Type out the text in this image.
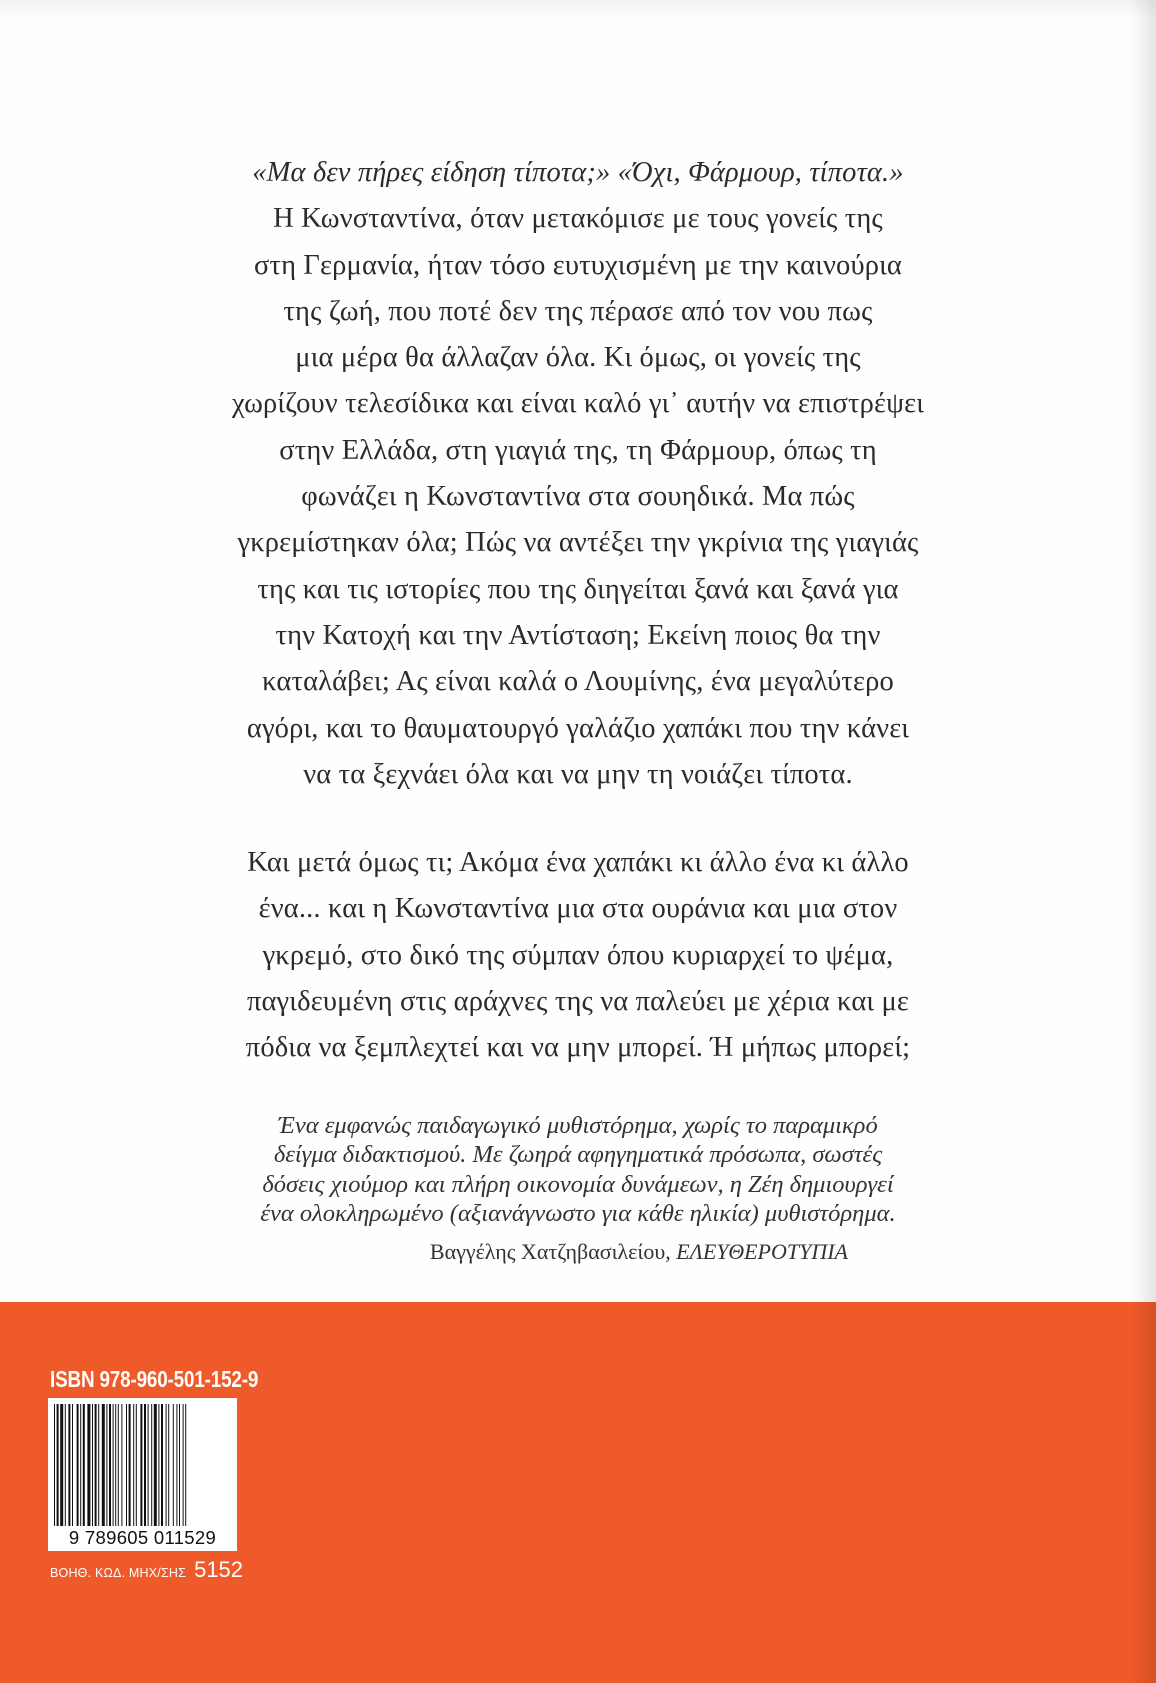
«Μα δεν πήρες είδηση τίποτα;» «Όχι, Φάρμουρ, τίποτα.»
Η Κωνσταντίνα, όταν μετακόμισε με τους γονείς της
στη Γερμανία, ήταν τόσο ευτυχισμένη με την καινούρια
της ζωή, που ποτέ δεν της πέρασε από τον νου πως
μια μέρα θα άλλαζαν όλα. Κι όμως, οι γονείς της
χωρίζουν τελεσίδικα και είναι καλό γι᾽ αυτήν να επιστρέψει
στην Ελλάδα, στη γιαγιά της, τη Φάρμουρ, όπως τη
φωνάζει η Κωνσταντίνα στα σουηδικά. Μα πώς
γκρεμίστηκαν όλα; Πώς να αντέξει την γκρίνια της γιαγιάς
της και τις ιστορίες που της διηγείται ξανά και ξανά για
την Κατοχή και την Αντίσταση; Εκείνη ποιος θα την
καταλάβει; Ας είναι καλά ο Λουμίνης, ένα μεγαλύτερο
αγόρι, και το θαυματουργό γαλάζιο χαπάκι που την κάνει
να τα ξεχνάει όλα και να μην τη νοιάζει τίποτα.
Και μετά όμως τι; Ακόμα ένα χαπάκι κι άλλο ένα κι άλλο
ένα... και η Κωνσταντίνα μια στα ουράνια και μια στον
γκρεμό, στο δικό της σύμπαν όπου κυριαρχεί το ψέμα,
παγιδευμένη στις αράχνες της να παλεύει με χέρια και με
πόδια να ξεμπλεχτεί και να μην μπορεί. Ή μήπως μπορεί;
Ένα εμφανώς παιδαγωγικό μυθιστόρημα, χωρίς το παραμικρό
δείγμα διδακτισμού. Με ζωηρά αφηγηματικά πρόσωπα, σωστές
δόσεις χιούμορ και πλήρη οικονομία δυνάμεων, η Ζέη δημιουργεί
ένα ολοκληρωμένο (αξιανάγνωστο για κάθε ηλικία) μυθιστόρημα.
Βαγγέλης Χατζηβασιλείου, ΕΛΕΥΘΕΡΟΤΥΠΙΑ
ISBN 978-960-501-152-9
9 789605 011529
ΒΟΗΘ. ΚΩΔ. ΜΗΧ/ΣΗΣ 5152
